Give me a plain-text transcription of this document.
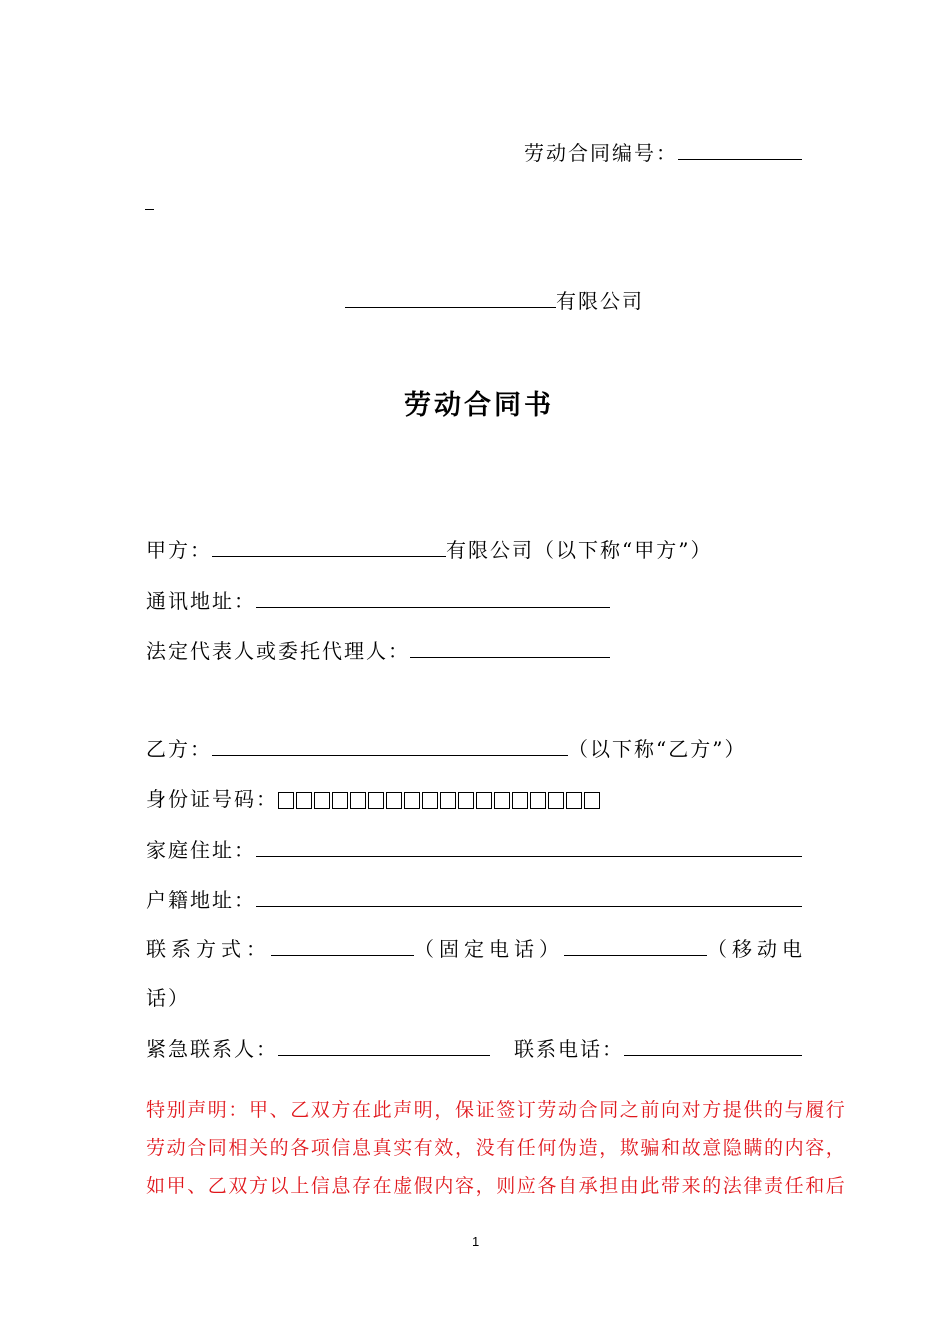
劳动合同编号：
有限公司
劳动合同书
甲方：	有限公司（以下称“甲方”）
通讯地址：
法定代表人或委托代理人：
乙方：	（以下称“乙方”）
身份证号码：
家庭住址：
户籍地址：
联系方式：	（固定电话）	（移动电
话）
紧急联系人：	联系电话：
特别声明：甲、乙双方在此声明，保证签订劳动合同之前向对方提供的与履行
劳动合同相关的各项信息真实有效，没有任何伪造，欺骗和故意隐瞒的内容，
如甲、乙双方以上信息存在虚假内容，则应各自承担由此带来的法律责任和后
1
